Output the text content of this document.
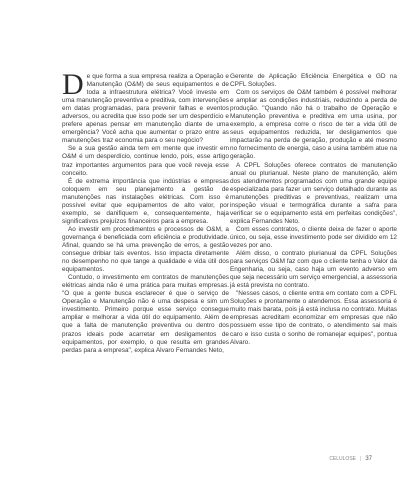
De que forma a sua empresa realiza a Operação e Manutenção (O&M) de seus equipamentos e de toda a infraestrutura elétrica? Você investe em uma manutenção preventiva e preditiva, com intervenções em datas programadas, para prevenir falhas e eventos adversos, ou acredita que isso pode ser um desperdício e prefere apenas pensar em manutenção diante de uma emergência? Você acha que aumentar o prazo entre as manutenções traz economia para o seu negócio?

Se a sua gestão ainda tem em mente que investir em O&M é um desperdício, continue lendo, pois, esse artigo traz importantes argumentos para que você reveja esse conceito.

É de extrema importância que indústrias e empresas coloquem em seu planejamento a gestão de manutenções nas instalações elétricas. Com isso é possível evitar que equipamentos de alto valor, por exemplo, se danifiquem e, consequentemente, haja significativos prejuízos financeiros para a empresa.

Ao investir em procedimentos e processos de O&M, a governança é beneficiada com eficiência e produtividade. Afinal, quando se há uma prevenção de erros, a gestão consegue dribiar tais eventos. Isso impacta diretamente no desempenho no que tange a qualidade e vida útil dos equipamentos.

Contudo, o investimento em contratos de manutenções elétricas ainda não é uma prática para muitas empresas. "O que a gente busca esclarecer é que o serviço de Operação e Manutenção não é uma despesa e sim um investimento. Primeiro porque esse serviço consegue ampliar e melhorar a vida útil do equipamento. Além de que a falta de manutenção preventiva ou dentro dos prazos ideais pode acarretar em desligamentos de equipamentos, por exemplo, o que resulta em grandes perdas para a empresa", explica Alvaro Fernandes Neto,

Gerente de Aplicação Eficiência Energética e GD na CPFL Soluções.

Com os serviços de O&M também é possível melhorar e ampliar as condições industriais, reduzindo a perda de produção. "Quando não há o trabalho de Operação e Manutenção preventiva e preditiva em uma usina, por exemplo, a empresa corre o risco de ter a vida útil de seus equipamentos reduzida, ter desligamentos que impactarão na perda de geração, produção e até mesmo no fornecimento de energia, caso a usina também atue na geração.

A CPFL Soluções oferece contratos de manutenção anual ou plurianual. Neste plano de manutenção, além dos atendimentos programados com uma grande equipe especializada para fazer um serviço detalhado durante as manutenções preditivas e preventivas, realizam uma inspeção visual e termográfica durante a safra para verificar se o equipamento está em perfeitas condições", explica Fernandes Neto.

Com esses contratos, o cliente deixa de fazer o aporte único, ou seja, esse investimento pode ser dividido em 12 vezes por ano.

Além disso, o contrato plurianual da CPFL Soluções para serviços O&M faz com que o cliente tenha o Valor da Engenharia, ou seja, caso haja um evento adverso em que seja necessário um serviço emergencial, a assessoria já está prevista no contrato.

"Nesses casos, o cliente entra em contato com a CPFL Soluções e prontamente o atendemos. Essa assessoria é muito mais barata, pois já está inclusa no contrato. Muitas empresas acreditam economizar em empresas que não possuem esse tipo de contrato, o atendimento sai mais caro e isso custa o sonho de romanejar equipes", pontua Alvaro.

CELULOSE | 37
